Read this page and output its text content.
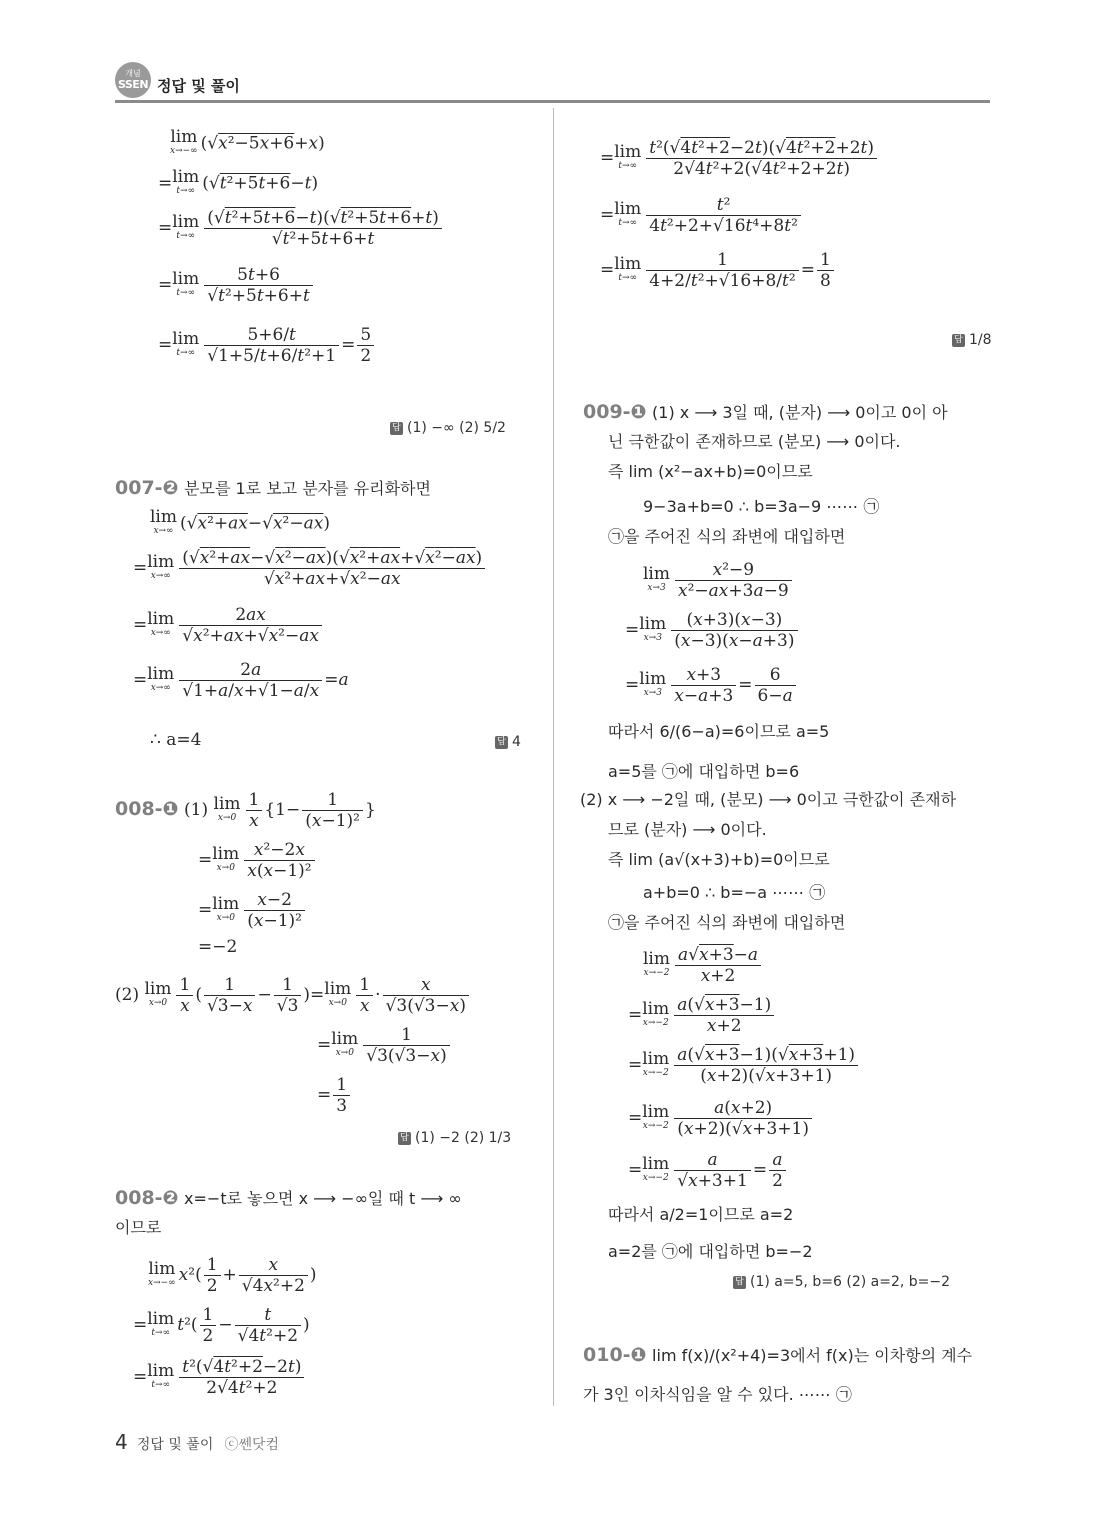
개념
SSEN 정답 및 풀이
lim
x→−∞ (√x²−5x+6+x)
= lim
t→∞ (√t²+5t+6−t)
= lim
$t\to\infty \frac{\text{(√t²+5t+6−t)(√t²+5t+6+t)}}{\text{√t²+5t+6+t}}$
= lim
$t\to\infty \frac{5t+6}{\text{√t²+5t+6+t}}$
= lim
$t\to\infty \frac{5+6/t}{\text{√1+5/t+6/t²+1}} = \frac{5}{2}$
답 (1) −∞ (2) 5/2
007-❷ 분모를 1로 보고 분자를 유리화하면
lim
x→∞ (√x²+ax−√x²−ax)
= lim
$x\to\infty \frac{\text{(√x²+ax−√x²−ax)(√x²+ax+√x²−ax)}}{\text{√x²+ax+√x²−ax}}$
= lim
$x\to\infty \frac{2ax}{\text{√x²+ax+√x²−ax}}$
= lim
$x\to\infty \frac{2a}{√1+a/x+√1-a/x} =a$
∴ a=4	답 4
008-❶ (1) lim
$x\to 0 \frac{1}{x} \{1- \frac{1}{\text{(x−1)²}}$ }
= lim
$x\to 0 \frac{\text{x²−2x}}{\text{x(x−1)²}}$
= lim
$x\to 0 \frac{x-2}{\text{(x−1)²}}$
=−2
(2) lim
$x\to 0 \frac{1}{x}$ ( $\frac{1}{√3-x} - \frac{1}{√3}$ )= lim
$x\to 0 \frac{1}{x} \cdot \frac{x}{√3(√3-x)}$
= lim
$x\to 0 \frac{1}{√3(√3-x)}$
= $\frac{1}{3}$
답 (1) −2 (2) 1/3
008-❷ x=−t로 놓으면 x ⟶ −∞일 때 t ⟶ ∞
이므로
lim
x→−∞ $x^2( \frac{1}{2} + \frac{x}{\text{√4x²+2}}$ )
= lim
t→∞ $t^2( \frac{1}{2} - \frac{t}{\text{√4t²+2}}$ )
= lim
$t\to\infty \frac{\text{t²(√4t²+2−2t)}}{\text{2√4t²+2}}$
= lim
$t\to\infty \frac{\text{t²(√4t²+2−2t)(√4t²+2+2t)}}{\text{2√4t²+2(√4t²+2+2t)}}$
= lim
$t\to\infty \frac{\text{t²}}{\text{4t²+2+√16t⁴+8t²}}$
= lim
$t\to\infty \frac{1}{\text{4+2/t²+√16+8/t²}} = \frac{1}{8}$
답 1/8
009-❶ (1) x ⟶ 3일 때, (분자) ⟶ 0이고 0이 아
닌 극한값이 존재하므로 (분모) ⟶ 0이다.
즉 lim (x²−ax+b)=0이므로
9−3a+b=0 ∴ b=3a−9 ⋯⋯ ㉠
㉠을 주어진 식의 좌변에 대입하면
lim
$x\to 3 \frac{\text{x²−9}}{\text{x²−ax+3a−9}}$
= lim
$x\to 3 \frac{(x+3)(x-3)}{(x-3)(x-a+3)}$
= lim
$x\to 3 \frac{x+3}{x-a+3} = \frac{6}{6-a}$
따라서 6/(6−a)=6이므로 a=5
a=5를 ㉠에 대입하면 b=6
(2) x ⟶ −2일 때, (분모) ⟶ 0이고 극한값이 존재하
므로 (분자) ⟶ 0이다.
즉 lim (a√(x+3)+b)=0이므로
a+b=0 ∴ b=−a ⋯⋯ ㉠
㉠을 주어진 식의 좌변에 대입하면
lim
$x\to-2 \frac{a√x+3-a}{x+2}$
= lim
$x\to-2 \frac{a(√x+3-1)}{x+2}$
= lim
$x\to-2 \frac{a(√x+3-1)(√x+3+1)}{(x+2)(√x+3+1)}$
= lim
$x\to-2 \frac{a(x+2)}{(x+2)(√x+3+1)}$
= lim
$x\to-2 \frac{a}{√x+3+1} = \frac{a}{2}$
따라서 a/2=1이므로 a=2
a=2를 ㉠에 대입하면 b=−2
답 (1) a=5, b=6 (2) a=2, b=−2
010-❶ lim f(x)/(x²+4)=3에서 f(x)는 이차항의 계수
가 3인 이차식임을 알 수 있다. ⋯⋯ ㉠
4 정답 및 풀이 ⓒ쎈닷컴
